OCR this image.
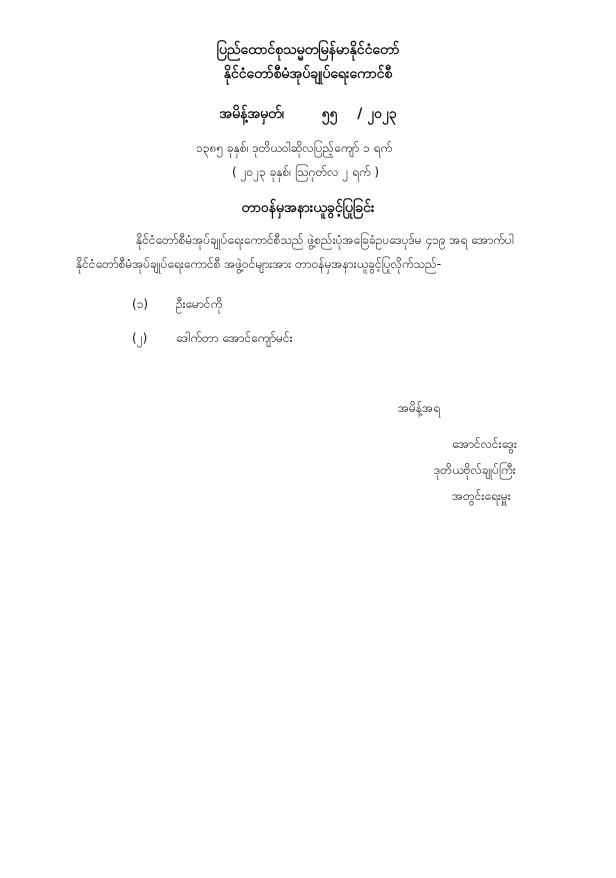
ပြည်ထောင်စုသမ္မတမြန်မာနိုင်ငံတော်
နိုင်ငံတော်စီမံအုပ်ချုပ်ရေးကောင်စီ
အမိန့်အမှတ်၊	၅၅ / ၂၀၂၃
၁၃၈၅ ခုနှစ်၊ ဒုတိယဝါဆိုလပြည့်ကျော် ၁ ရက်
( ၂၀၂၃ ခုနှစ်၊ ဩဂုတ်လ ၂ ရက် )
တာဝန်မှအနားယူခွင့်ပြုခြင်း
နိုင်ငံတော်စီမံအုပ်ချုပ်ရေးကောင်စီသည် ဖွဲ့စည်းပုံအခြေခံဥပဒေပုဒ်မ ၄၁၉ အရ အောက်ပါ
နိုင်ငံတော်စီမံအုပ်ချုပ်ရေးကောင်စီ အဖွဲ့ဝင်များအား တာဝန်မှအနားယူခွင့်ပြုလိုက်သည်-
(၁) ဦးမောင်ကို
(၂) ဒေါက်တာ အောင်ကျော်မင်း
အမိန့်အရ
အောင်လင်းဒွေး
ဒုတိယဗိုလ်ချုပ်ကြီး
အတွင်းရေးမှူး
